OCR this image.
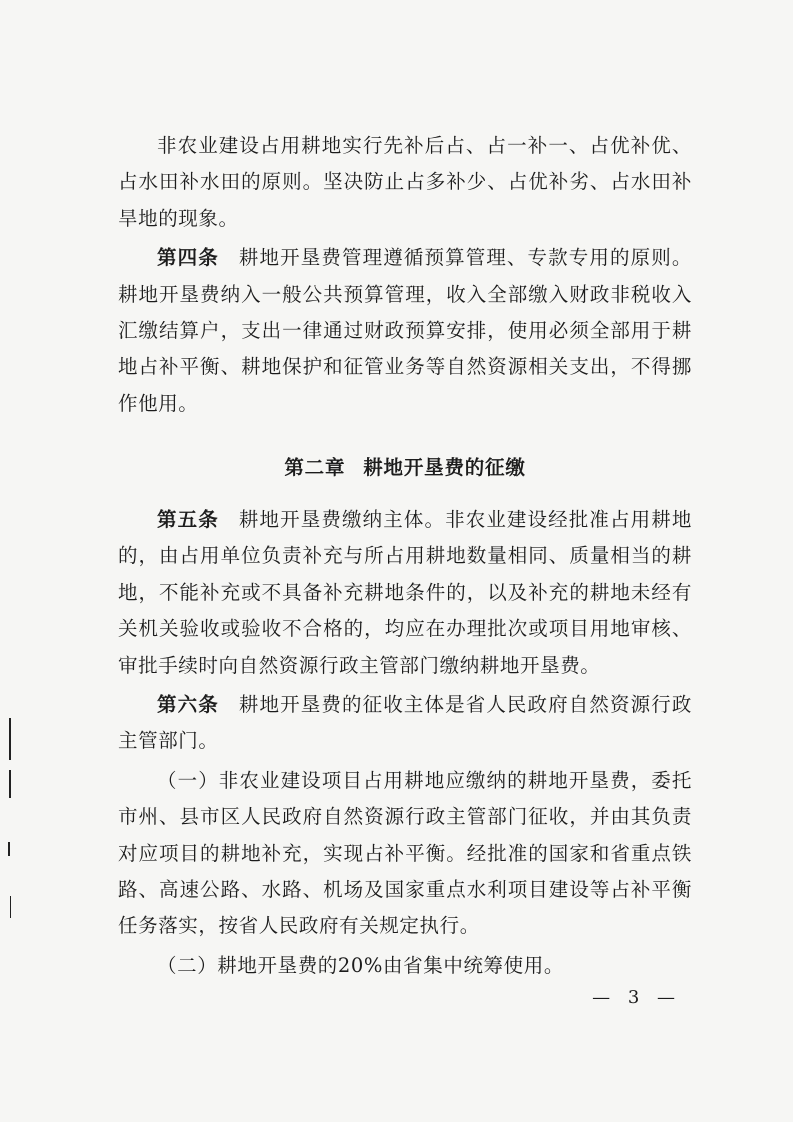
非农业建设占用耕地实行先补后占、占一补一、占优补优、占水田补水田的原则。坚决防止占多补少、占优补劣、占水田补旱地的现象。

第四条 耕地开垦费管理遵循预算管理、专款专用的原则。耕地开垦费纳入一般公共预算管理，收入全部缴入财政非税收入汇缴结算户，支出一律通过财政预算安排，使用必须全部用于耕地占补平衡、耕地保护和征管业务等自然资源相关支出，不得挪作他用。

第二章 耕地开垦费的征缴

第五条 耕地开垦费缴纳主体。非农业建设经批准占用耕地的，由占用单位负责补充与所占用耕地数量相同、质量相当的耕地，不能补充或不具备补充耕地条件的，以及补充的耕地未经有关机关验收或验收不合格的，均应在办理批次或项目用地审核、审批手续时向自然资源行政主管部门缴纳耕地开垦费。

第六条 耕地开垦费的征收主体是省人民政府自然资源行政主管部门。

（一）非农业建设项目占用耕地应缴纳的耕地开垦费，委托市州、县市区人民政府自然资源行政主管部门征收，并由其负责对应项目的耕地补充，实现占补平衡。经批准的国家和省重点铁路、高速公路、水路、机场及国家重点水利项目建设等占补平衡任务落实，按省人民政府有关规定执行。

（二）耕地开垦费的20%由省集中统筹使用。

— 3 —
